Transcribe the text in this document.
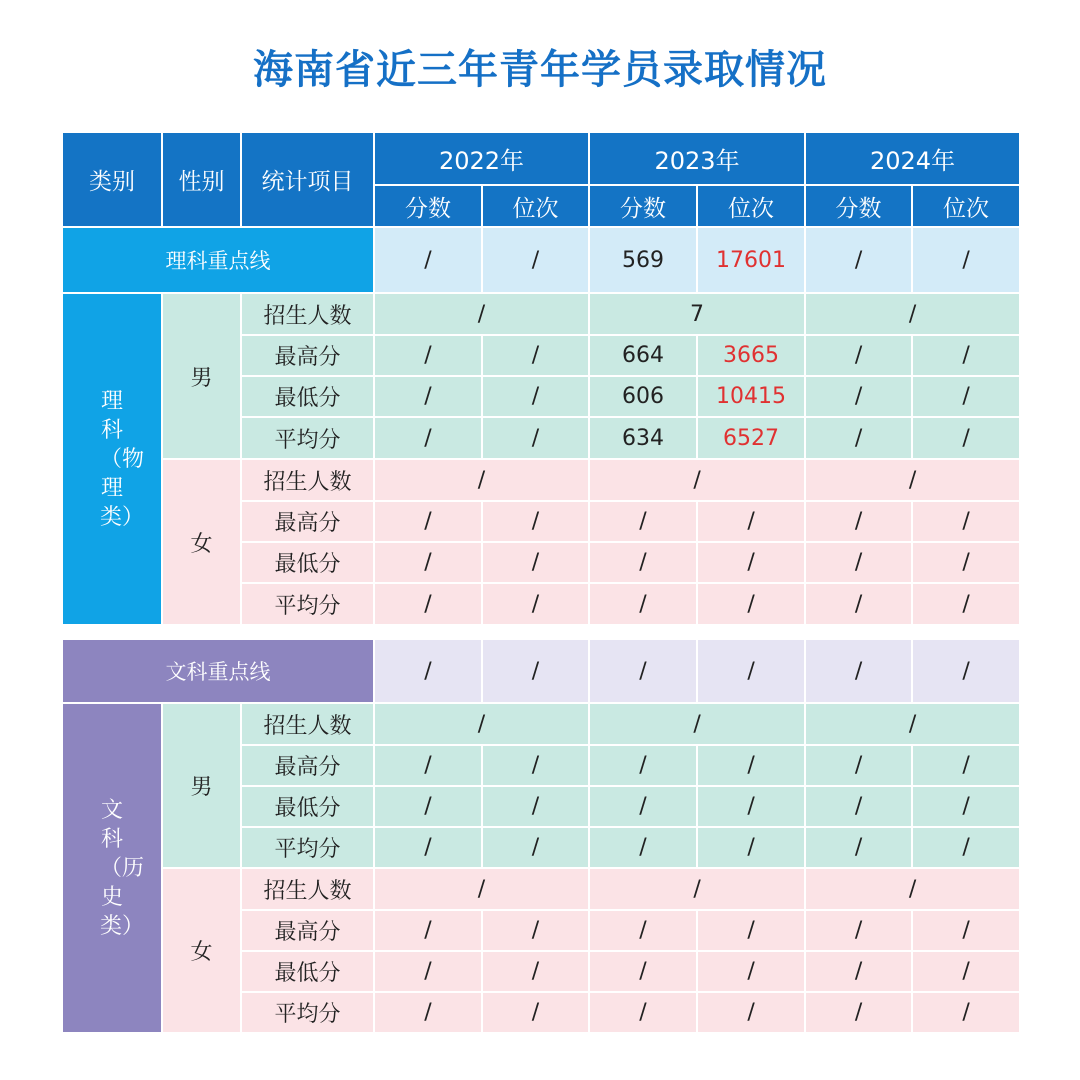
海南省近三年青年学员录取情况
类别	性别	统计项目	2022年		2023年		2024年	
			分数	位次	分数	位次	分数	位次
理科重点线			/	/	569	17601	/	/
理科（物理类）	男	招生人数	/		7		/	
		最高分	/	/	664	3665	/	/
		最低分	/	/	606	10415	/	/
		平均分	/	/	634	6527	/	/
	女	招生人数	/		/		/	
		最高分	/	/	/	/	/	/
		最低分	/	/	/	/	/	/
		平均分	/	/	/	/	/	/

文科重点线			/	/	/	/	/	/
文科（历史类）	男	招生人数	/		/		/	
		最高分	/	/	/	/	/	/
		最低分	/	/	/	/	/	/
		平均分	/	/	/	/	/	/
	女	招生人数	/		/		/	
		最高分	/	/	/	/	/	/
		最低分	/	/	/	/	/	/
		平均分	/	/	/	/	/	/
